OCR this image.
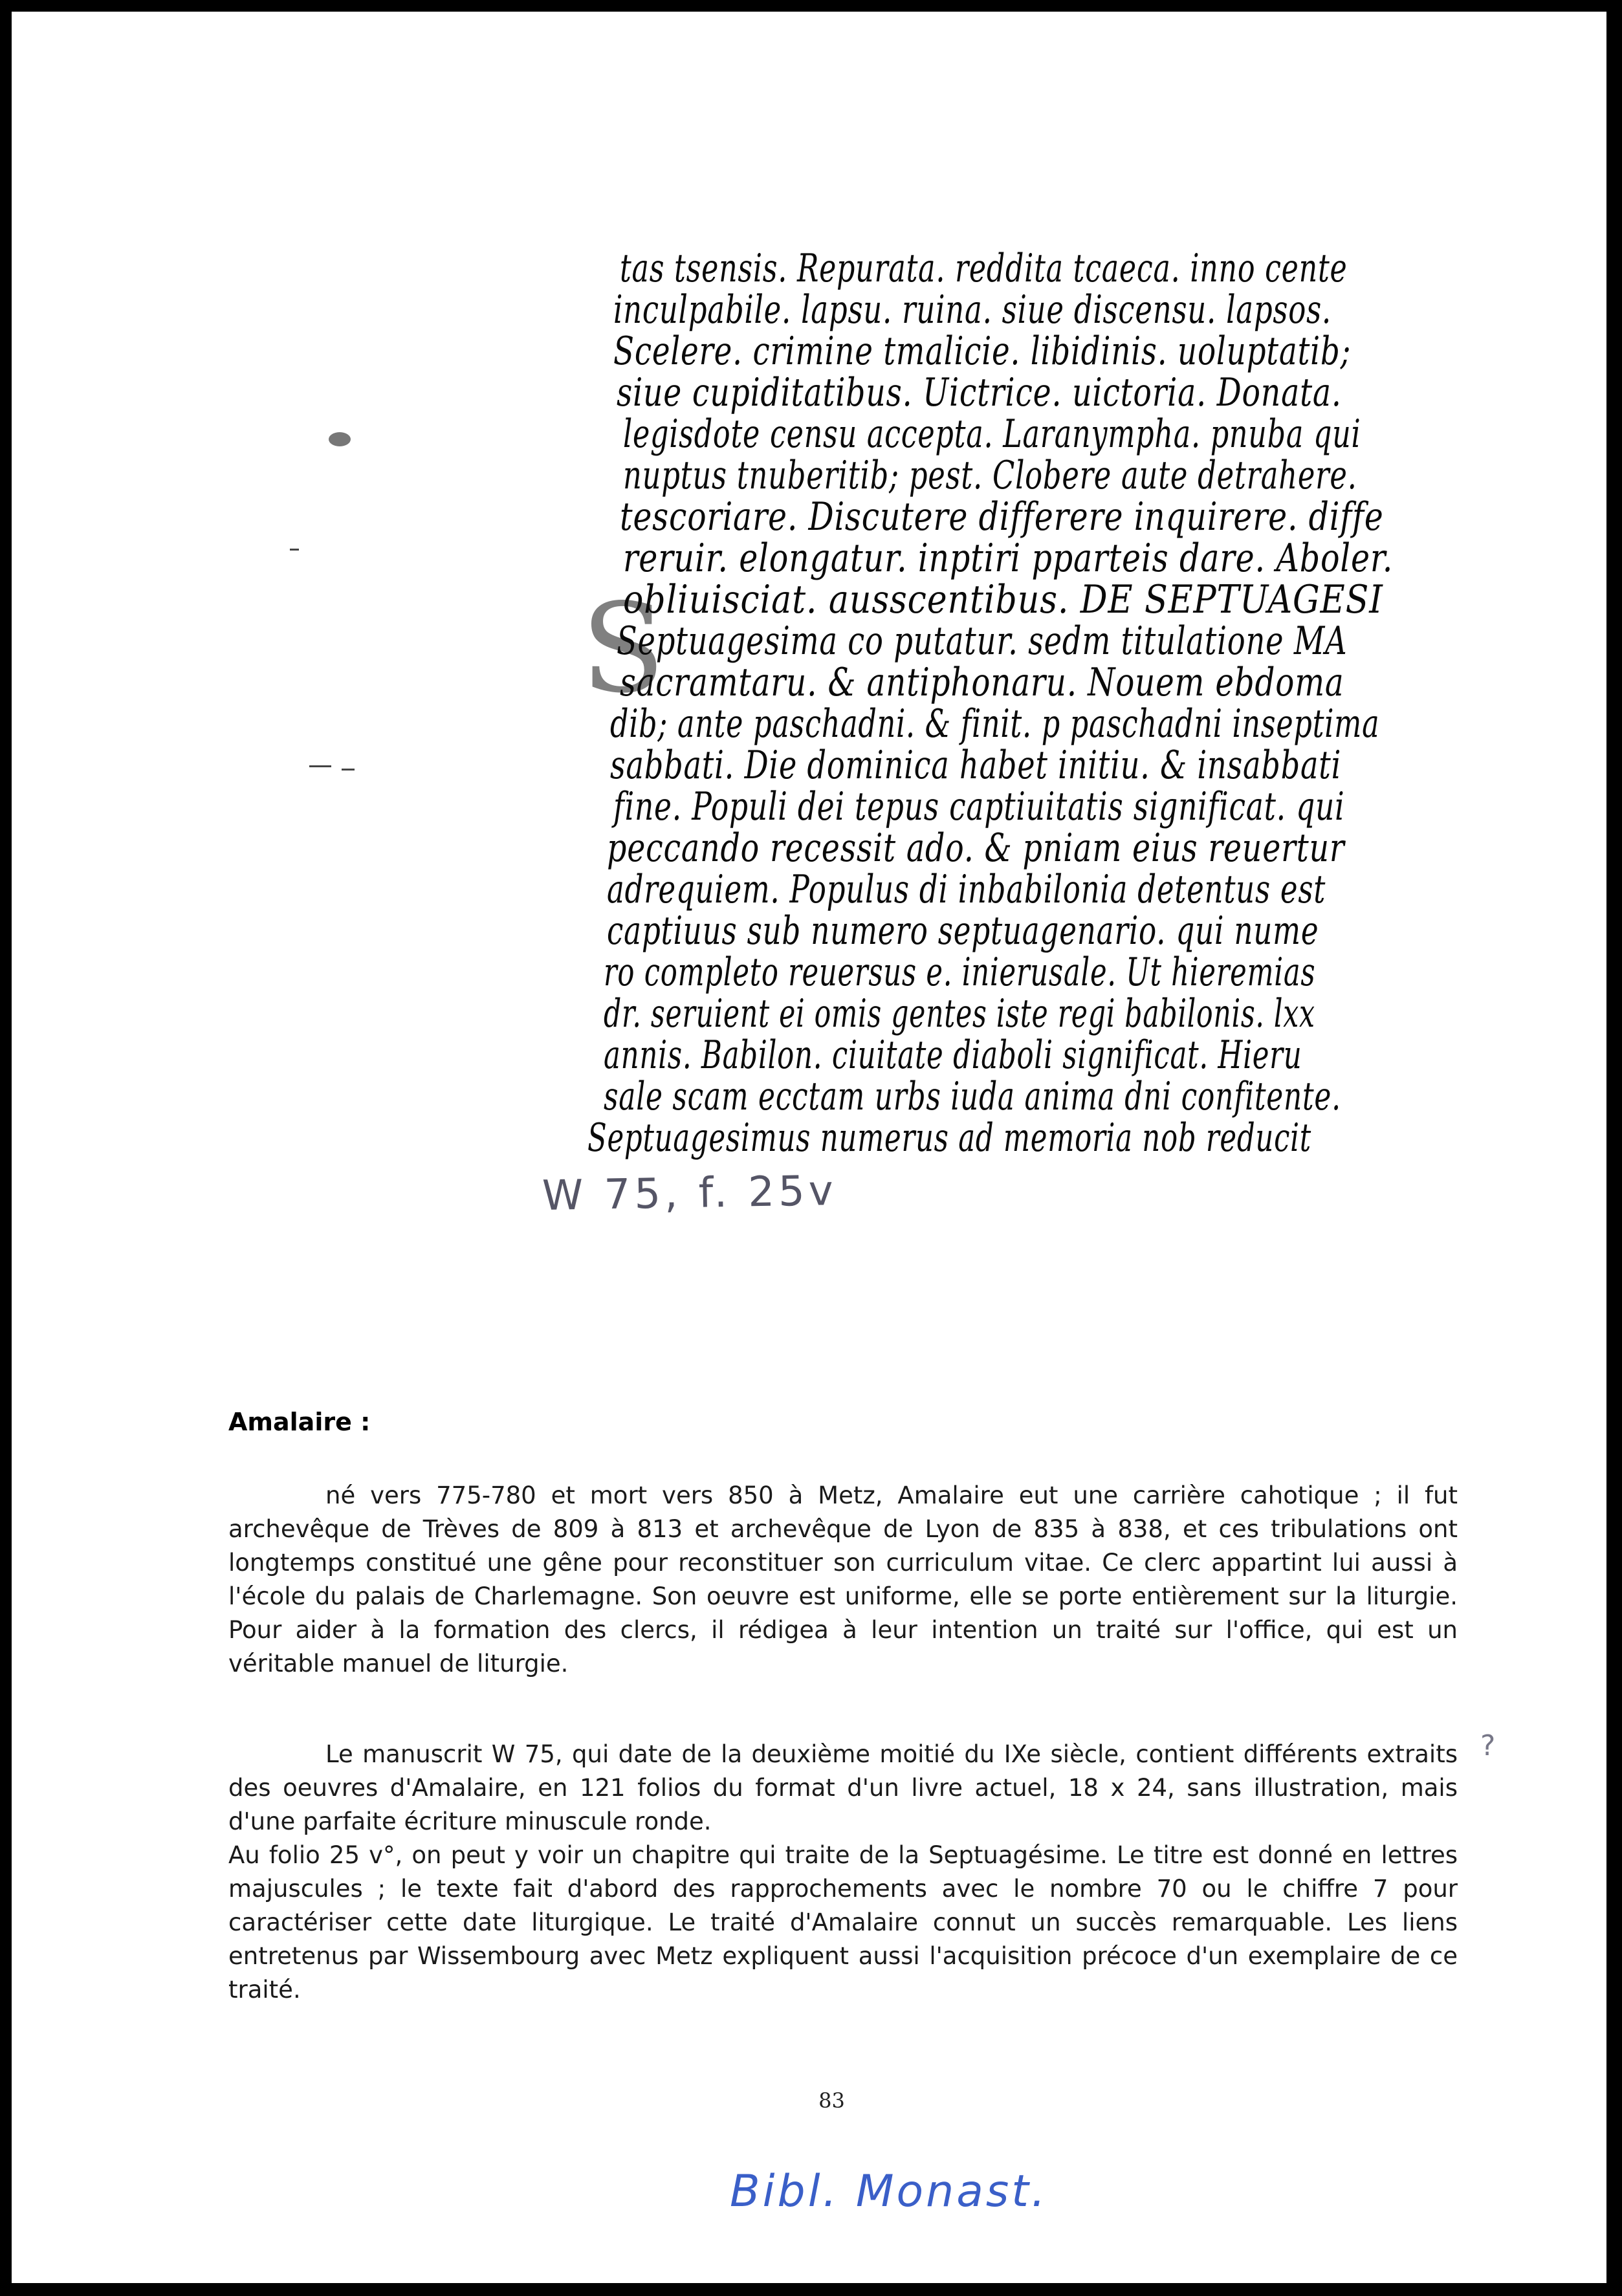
S
tas tsensis. Repurata. reddita tcaeca. inno cente
inculpabile. lapsu. ruina. siue discensu. lapsos.
Scelere. crimine tmalicie. libidinis. uoluptatib;
siue cupiditatibus. Uictrice. uictoria. Donata.
legisdote censu accepta. Laranympha. pnuba qui
nuptus tnuberitib; pest. Clobere aute detrahere.
tescoriare. Discutere differere inquirere. diffe
reruir. elongatur. inptiri pparteis dare. Aboler.
obliuisciat. ausscentibus. DE SEPTUAGESI
Septuagesima co putatur. sedm titulatione MA
sacramtaru. & antiphonaru. Nouem ebdoma
dib; ante paschadni. & finit. p paschadni inseptima
sabbati. Die dominica habet initiu. & insabbati
fine. Populi dei tepus captiuitatis significat. qui
peccando recessit ado. & pniam eius reuertur
adrequiem. Populus di inbabilonia detentus est
captiuus sub numero septuagenario. qui nume
ro completo reuersus e. inierusale. Ut hieremias
dr. seruient ei omis gentes iste regi babilonis. lxx
annis. Babilon. ciuitate diaboli significat. Hieru
sale scam ecctam urbs iuda anima dni confitente.
Septuagesimus numerus ad memoria nob reducit
W 75, f. 25v
Amalaire :

né vers 775-780 et mort vers 850 à Metz, Amalaire eut une carrière cahotique ; il fut archevêque de Trèves de 809 à 813 et archevêque de Lyon de 835 à 838, et ces tribulations ont longtemps constitué une gêne pour reconstituer son curriculum vitae. Ce clerc appartint lui aussi à l'école du palais de Charlemagne. Son oeuvre est uniforme, elle se porte entièrement sur la liturgie. Pour aider à la formation des clercs, il rédigea à leur intention un traité sur l'office, qui est un véritable manuel de liturgie.

Le manuscrit W 75, qui date de la deuxième moitié du IXe siècle, contient différents extraits des oeuvres d'Amalaire, en 121 folios du format d'un livre actuel, 18 x 24, sans illustration, mais d'une parfaite écriture minuscule ronde.

Au folio 25 v°, on peut y voir un chapitre qui traite de la Septuagésime. Le titre est donné en lettres majuscules ; le texte fait d'abord des rapprochements avec le nombre 70 ou le chiffre 7 pour caractériser cette date liturgique. Le traité d'Amalaire connut un succès remarquable. Les liens entretenus par Wissembourg avec Metz expliquent aussi l'acquisition précoce d'un exemplaire de ce traité.

?
83
Bibl. Monast.
